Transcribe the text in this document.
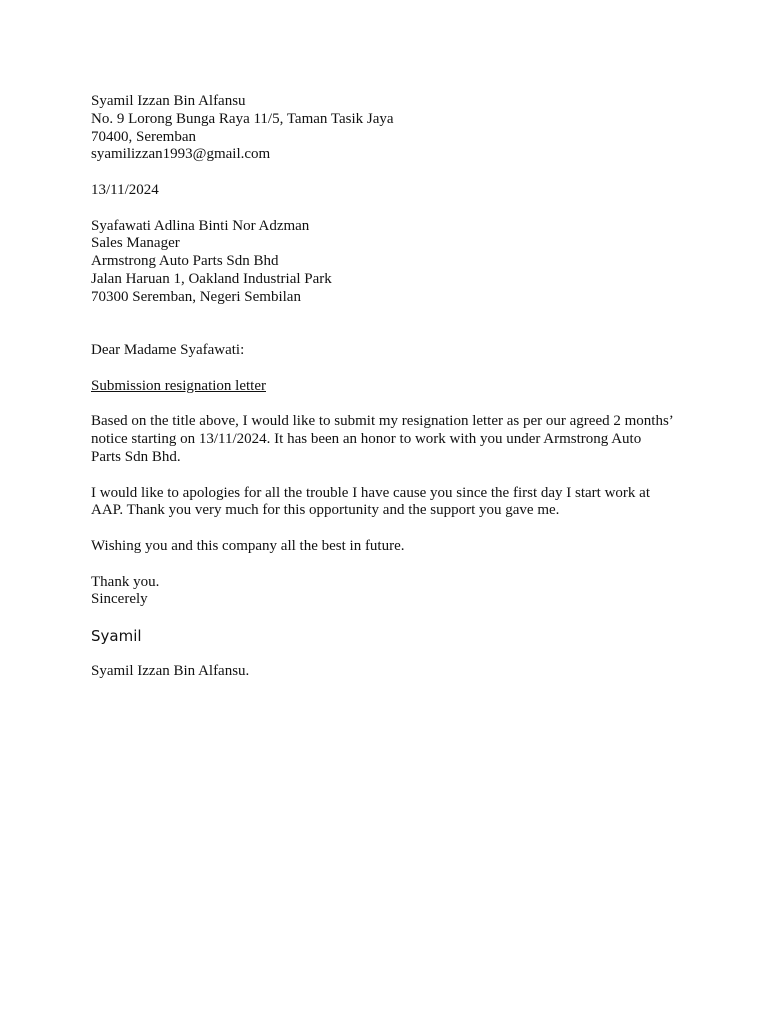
Syamil Izzan Bin Alfansu
No. 9 Lorong Bunga Raya 11/5, Taman Tasik Jaya
70400, Seremban
syamilizzan1993@gmail.com
13/11/2024
Syafawati Adlina Binti Nor Adzman
Sales Manager
Armstrong Auto Parts Sdn Bhd
Jalan Haruan 1, Oakland Industrial Park
70300 Seremban, Negeri Sembilan
Dear Madame Syafawati:
Submission resignation letter
Based on the title above, I would like to submit my resignation letter as per our agreed 2 months’
notice starting on 13/11/2024. It has been an honor to work with you under Armstrong Auto
Parts Sdn Bhd.
I would like to apologies for all the trouble I have cause you since the first day I start work at
AAP. Thank you very much for this opportunity and the support you gave me.
Wishing you and this company all the best in future.
Thank you.
Sincerely
Syamil
Syamil Izzan Bin Alfansu.
